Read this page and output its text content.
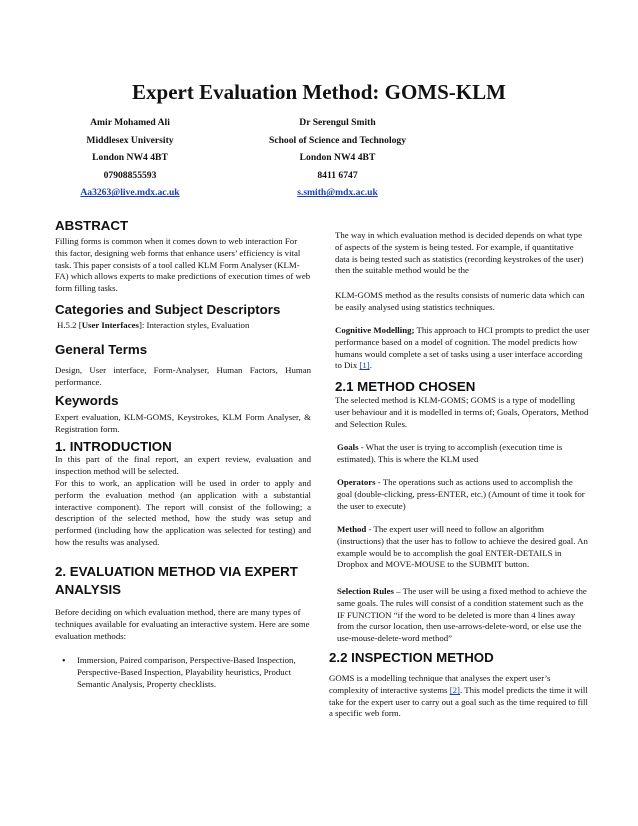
Expert Evaluation Method: GOMS-KLM
Amir Mohamed Ali
Middlesex University
London NW4 4BT
07908855593
Aa3263@live.mdx.ac.uk
Dr Serengul Smith
School of Science and Technology
London NW4 4BT
8411 6747
s.smith@mdx.ac.uk
ABSTRACT
Filling forms is common when it comes down to web interaction For this factor, designing web forms that enhance users’ efficiency is vital task. This paper consists of a tool called KLM Form Analyser (KLM-FA) which allows experts to make predictions of execution times of web form filling tasks.
Categories and Subject Descriptors
H.5.2 [User Interfaces]: Interaction styles, Evaluation
General Terms
Design, User interface, Form-Analyser, Human Factors, Human performance.
Keywords
Expert evaluation, KLM-GOMS, Keystrokes, KLM Form Analyser, & Registration form.
1. INTRODUCTION
In this part of the final report, an expert review, evaluation and inspection method will be selected.
For this to work, an application will be used in order to apply and perform the evaluation method (an application with a substantial interactive component). The report will consist of the following; a description of the selected method, how the study was setup and performed (including how the application was selected for testing) and how the results was analysed.
2. EVALUATION METHOD VIA EXPERT ANALYSIS
Before deciding on which evaluation method, there are many types of techniques available for evaluating an interactive system. Here are some evaluation methods:
• Immersion, Paired comparison, Perspective-Based Inspection, Perspective-Based Inspection, Playability heuristics, Product Semantic Analysis, Property checklists.
The way in which evaluation method is decided depends on what type of aspects of the system is being tested. For example, if quantitative data is being tested such as statistics (recording keystrokes of the user) then the suitable method would be the
KLM-GOMS method as the results consists of numeric data which can be easily analysed using statistics techniques.
Cognitive Modelling; This approach to HCI prompts to predict the user performance based on a model of cognition. The model predicts how humans would complete a set of tasks using a user interface according to Dix [1].
2.1 METHOD CHOSEN
The selected method is KLM-GOMS; GOMS is a type of modelling user behaviour and it is modelled in terms of; Goals, Operators, Method and Selection Rules.
Goals - What the user is trying to accomplish (execution time is estimated). This is where the KLM used
Operators - The operations such as actions used to accomplish the goal (double-clicking, press-ENTER, etc.) (Amount of time it took for the user to execute)
Method - The expert user will need to follow an algorithm (instructions) that the user has to follow to achieve the desired goal. An example would be to accomplish the goal ENTER-DETAILS in Dropbox and MOVE-MOUSE to the SUBMIT button.
Selection Rules – The user will be using a fixed method to achieve the same goals. The rules will consist of a condition statement such as the IF FUNCTION “if the word to be deleted is more than 4 lines away from the cursor location, then use-arrows-delete-word, or else use the use-mouse-delete-word method”
2.2 INSPECTION METHOD
GOMS is a modelling technique that analyses the expert user’s complexity of interactive systems [2]. This model predicts the time it will take for the expert user to carry out a goal such as the time required to fill a specific web form.
